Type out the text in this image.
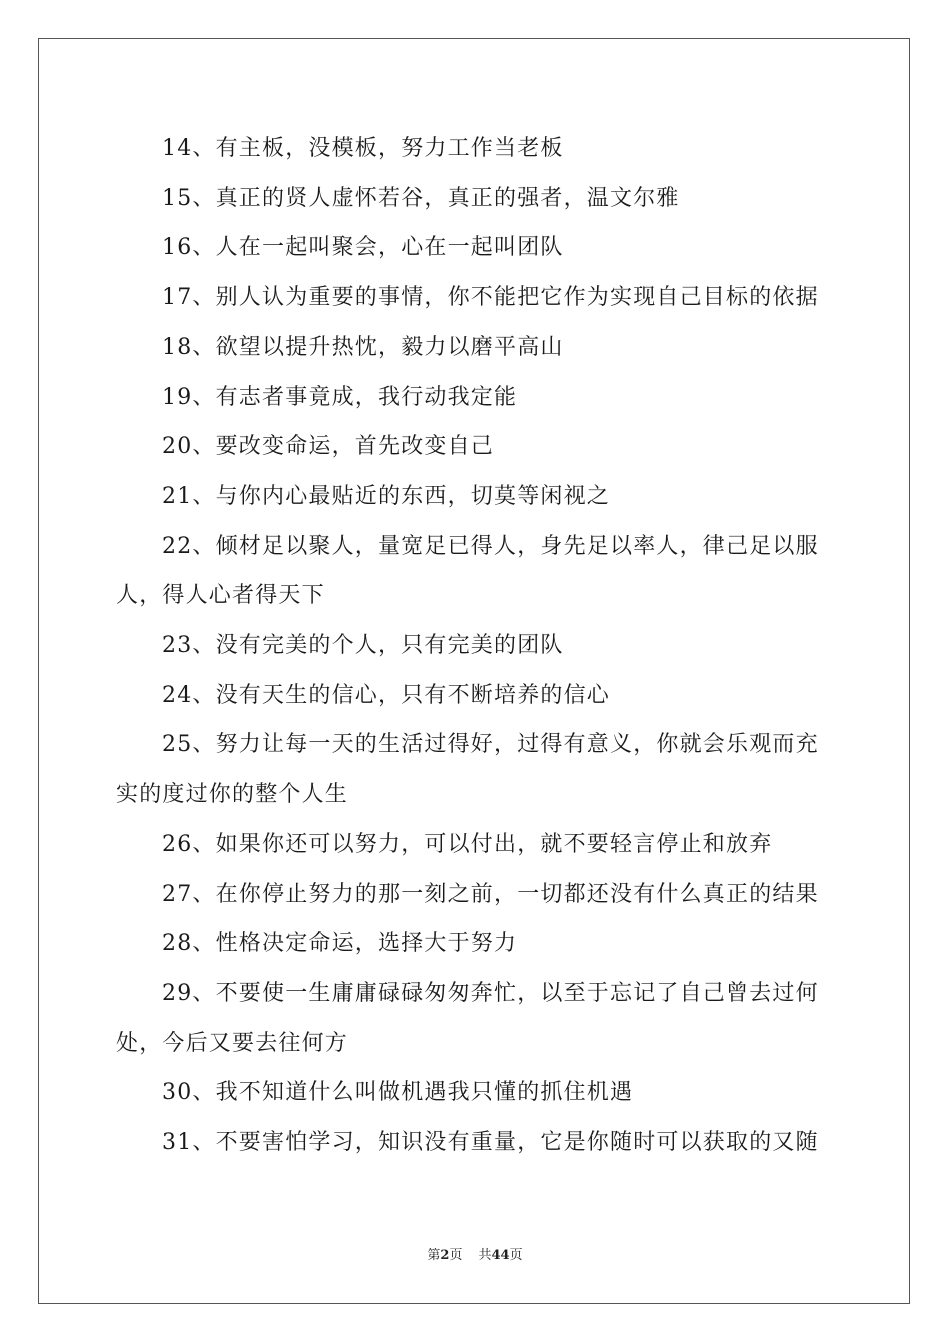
14、有主板，没模板，努力工作当老板

15、真正的贤人虚怀若谷，真正的强者，温文尔雅

16、人在一起叫聚会，心在一起叫团队

17、别人认为重要的事情，你不能把它作为实现自己目标的依据

18、欲望以提升热忱，毅力以磨平高山

19、有志者事竟成，我行动我定能

20、要改变命运，首先改变自己

21、与你内心最贴近的东西，切莫等闲视之

22、倾材足以聚人，量宽足已得人，身先足以率人，律己足以服人，得人心者得天下

23、没有完美的个人，只有完美的团队

24、没有天生的信心，只有不断培养的信心

25、努力让每一天的生活过得好，过得有意义，你就会乐观而充实的度过你的整个人生

26、如果你还可以努力，可以付出，就不要轻言停止和放弃

27、在你停止努力的那一刻之前，一切都还没有什么真正的结果

28、性格决定命运，选择大于努力

29、不要使一生庸庸碌碌匆匆奔忙，以至于忘记了自己曾去过何处，今后又要去往何方

30、我不知道什么叫做机遇我只懂的抓住机遇

31、不要害怕学习，知识没有重量，它是你随时可以获取的又随

第2页 共44页
